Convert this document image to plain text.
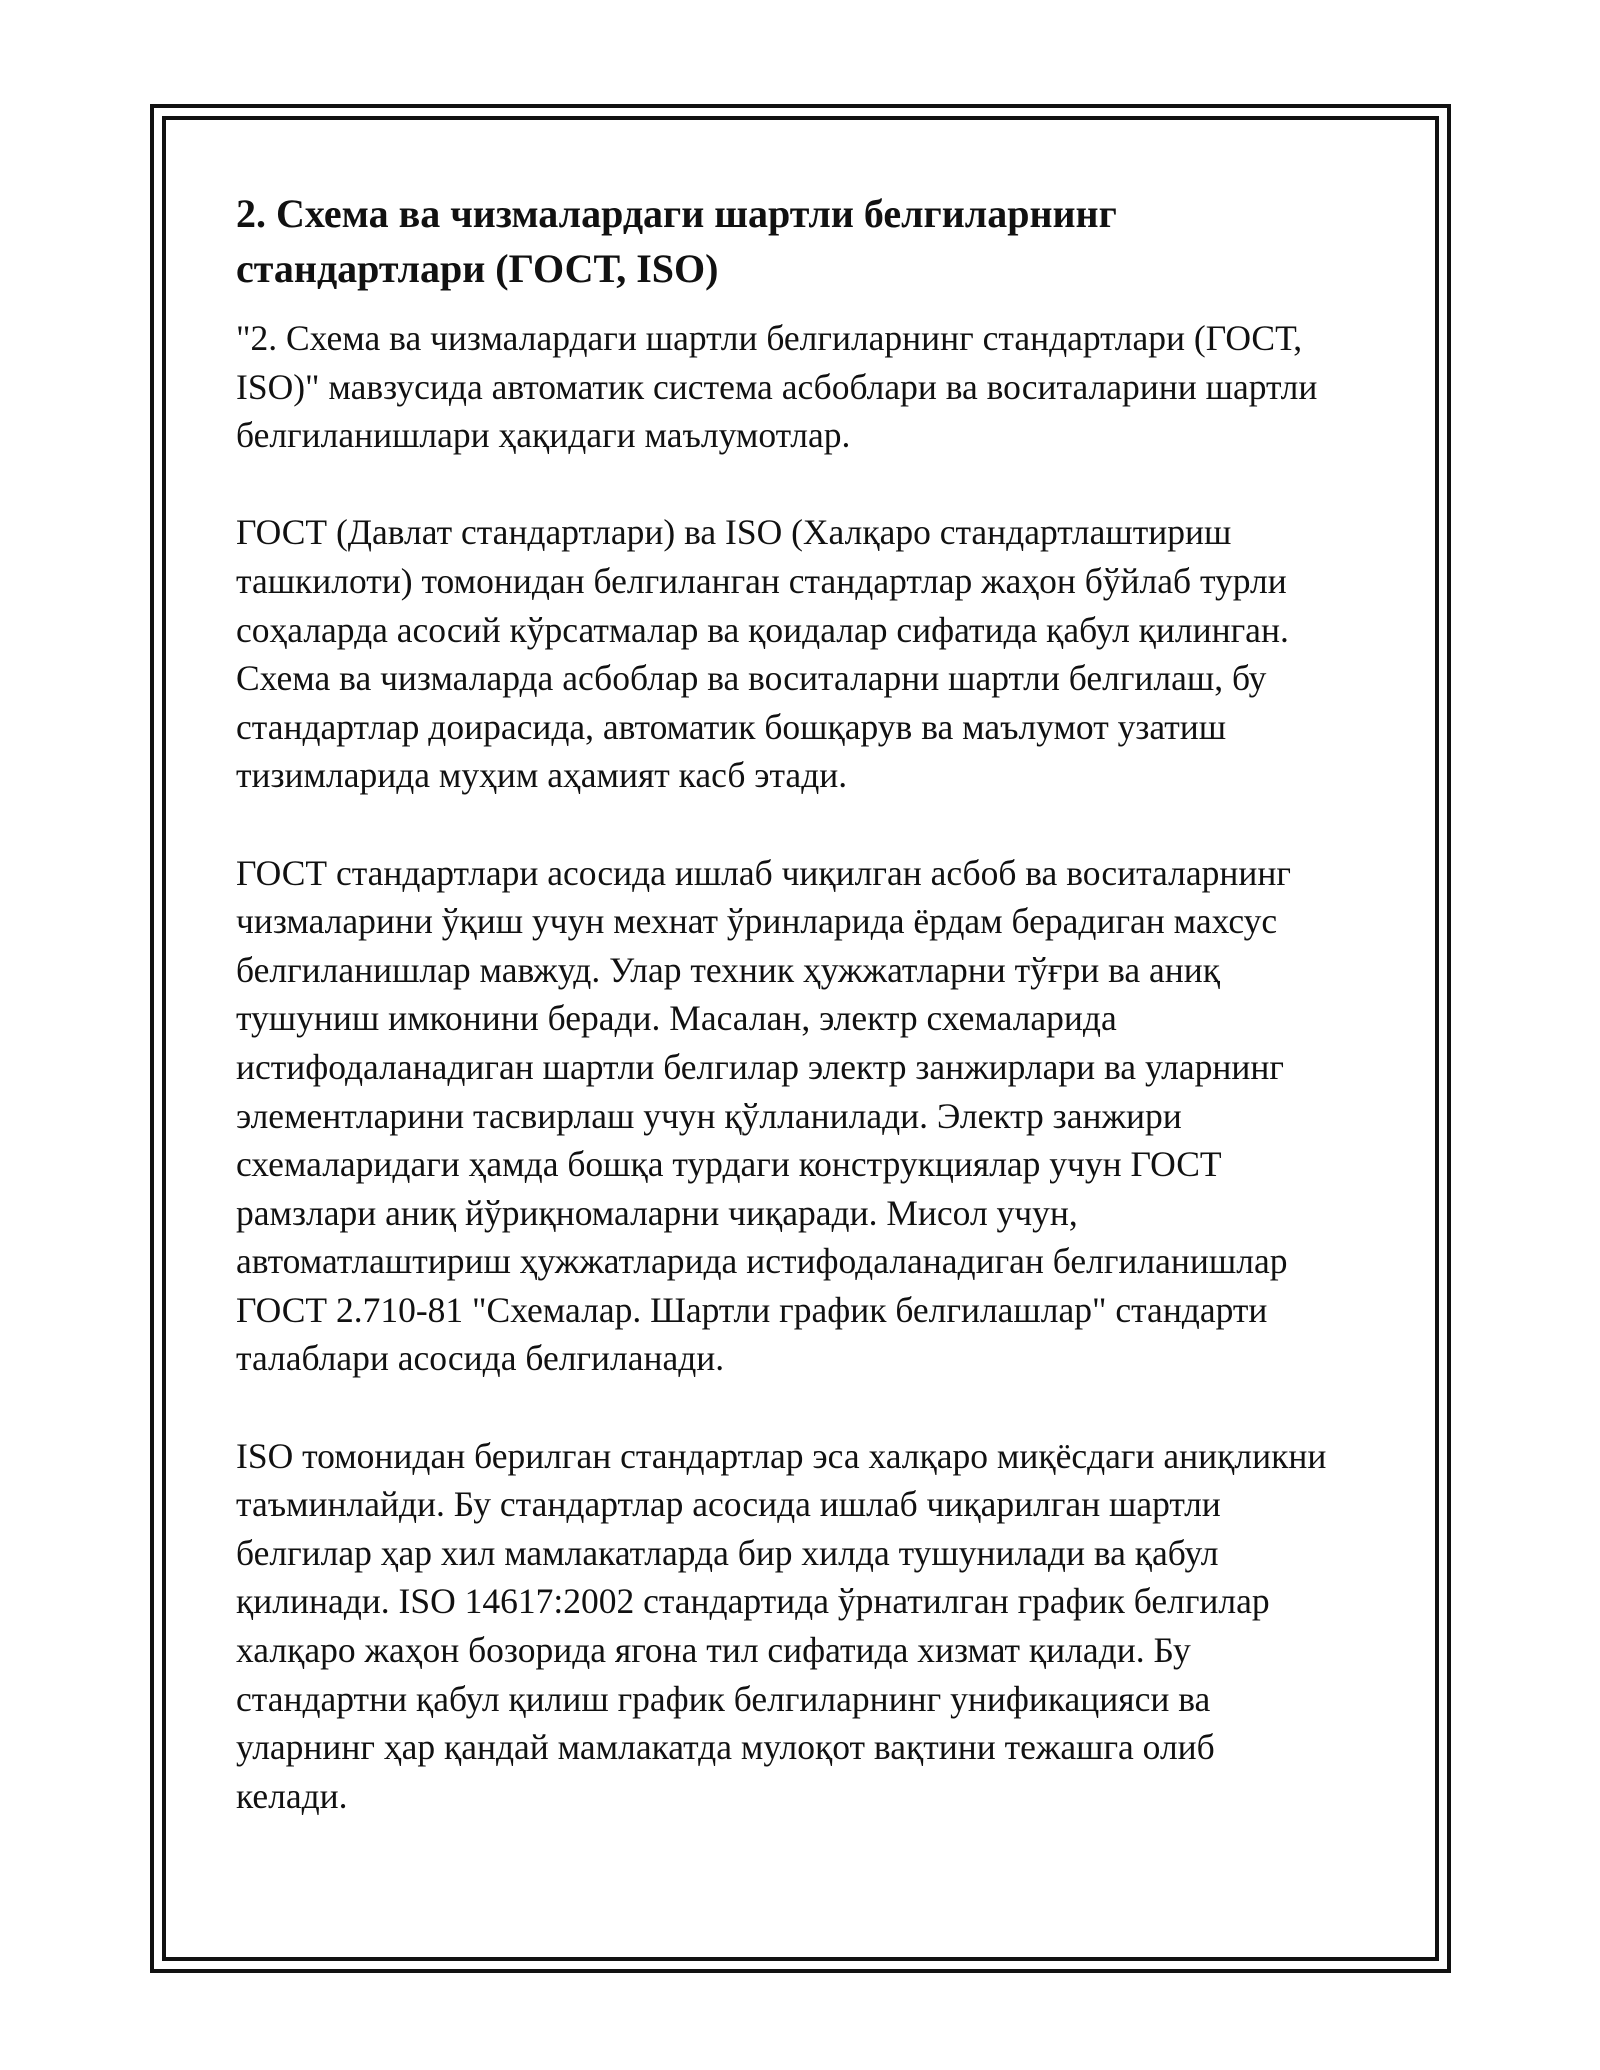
2. Схема ва чизмалардаги шартли белгиларнинг
стандартлари (ГОСТ, ISO)

"2. Схема ва чизмалардаги шартли белгиларнинг стандартлари (ГОСТ,
ISO)" мавзусида автоматик система асбоблари ва воситаларини шартли
белгиланишлари ҳақидаги маълумотлар.

ГОСТ (Давлат стандартлари) ва ISO (Халқаро стандартлаштириш
ташкилоти) томонидан белгиланган стандартлар жаҳон бўйлаб турли
соҳаларда асосий кўрсатмалар ва қоидалар сифатида қабул қилинган.
Схема ва чизмаларда асбоблар ва воситаларни шартли белгилаш, бу
стандартлар доирасида, автоматик бошқарув ва маълумот узатиш
тизимларида муҳим аҳамият касб этади.

ГОСТ стандартлари асосида ишлаб чиқилган асбоб ва воситаларнинг
чизмаларини ўқиш учун мехнат ўринларида ёрдам берадиган махсус
белгиланишлар мавжуд. Улар техник ҳужжатларни тўғри ва аниқ
тушуниш имконини беради. Масалан, электр схемаларида
истифодаланадиган шартли белгилар электр занжирлари ва уларнинг
элементларини тасвирлаш учун қўлланилади. Электр занжири
схемаларидаги ҳамда бошқа турдаги конструкциялар учун ГОСТ
рамзлари аниқ йўриқномаларни чиқаради. Мисол учун,
автоматлаштириш ҳужжатларида истифодаланадиган белгиланишлар
ГОСТ 2.710-81 "Схемалар. Шартли график белгилашлар" стандарти
талаблари асосида белгиланади.

ISO томонидан берилган стандартлар эса халқаро миқёсдаги аниқликни
таъминлайди. Бу стандартлар асосида ишлаб чиқарилган шартли
белгилар ҳар хил мамлакатларда бир хилда тушунилади ва қабул
қилинади. ISO 14617:2002 стандартида ўрнатилган график белгилар
халқаро жаҳон бозорида ягона тил сифатида хизмат қилади. Бу
стандартни қабул қилиш график белгиларнинг унификацияси ва
уларнинг ҳар қандай мамлакатда мулоқот вақтини тежашга олиб
келади.
